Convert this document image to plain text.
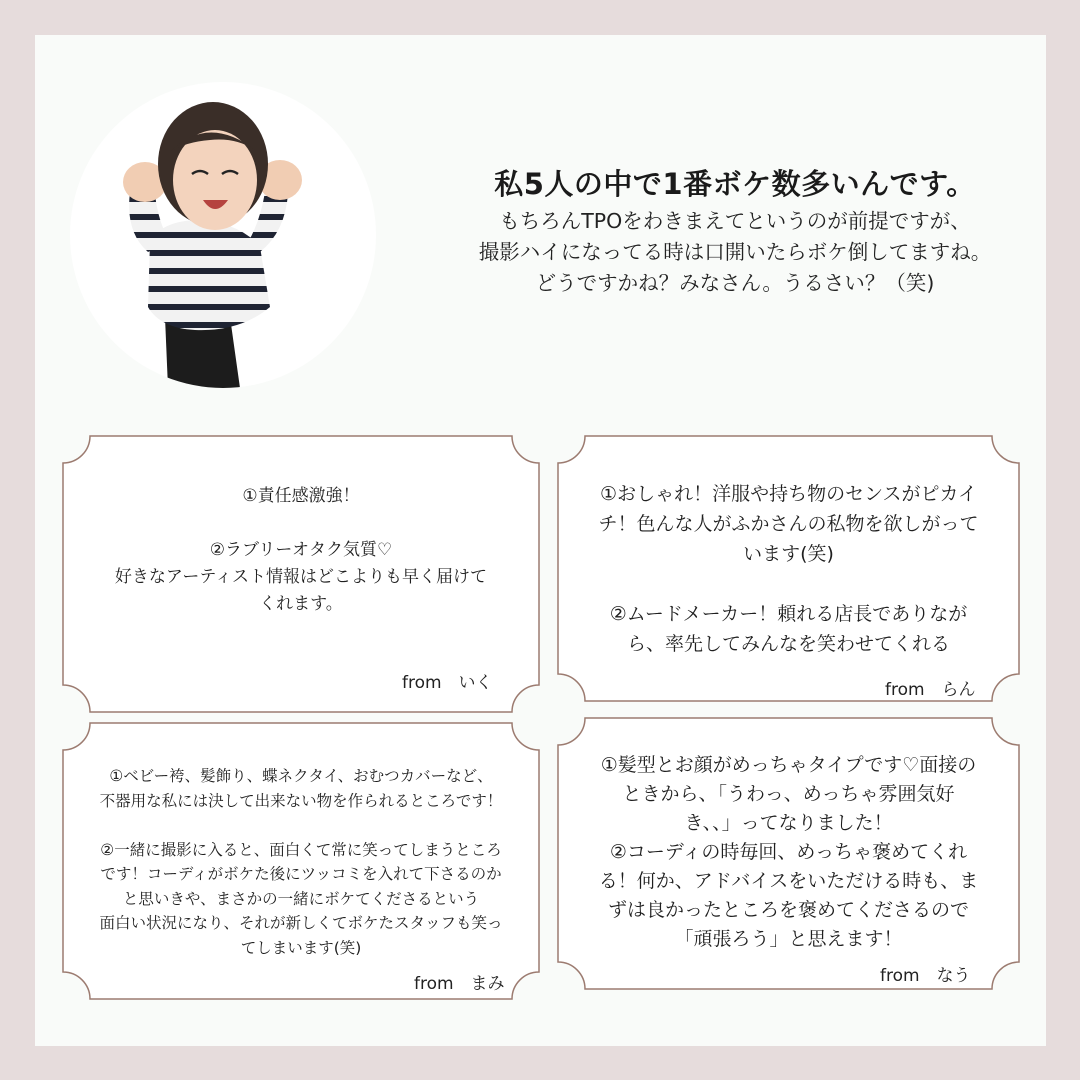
私5人の中で1番ボケ数多いんです。
もちろんTPOをわきまえてというのが前提ですが、
撮影ハイになってる時は口開いたらボケ倒してますね。
どうですかね？みなさん。うるさい？（笑)
①責任感激強！

②ラブリーオタク気質♡
好きなアーティスト情報はどこよりも早く届けて
くれます。
from　いく
①おしゃれ！洋服や持ち物のセンスがピカイ
チ！色んな人がふかさんの私物を欲しがって
います(笑)

②ムードメーカー！頼れる店長でありなが
ら、率先してみんなを笑わせてくれる
from　らん
①ベビー袴、髪飾り、蝶ネクタイ、おむつカバーなど、
不器用な私には決して出来ない物を作られるところです！

②一緒に撮影に入ると、面白くて常に笑ってしまうところ
です！コーディがボケた後にツッコミを入れて下さるのか
と思いきや、まさかの一緒にボケてくださるという
面白い状況になり、それが新しくてボケたスタッフも笑っ
てしまいます(笑)
from　まみ
①髪型とお顔がめっちゃタイプです♡面接の
ときから、「うわっ、めっちゃ雰囲気好
き、、」ってなりました！
②コーディの時毎回、めっちゃ褒めてくれ
る！何か、アドバイスをいただける時も、ま
ずは良かったところを褒めてくださるので
「頑張ろう」と思えます！
from　なう
